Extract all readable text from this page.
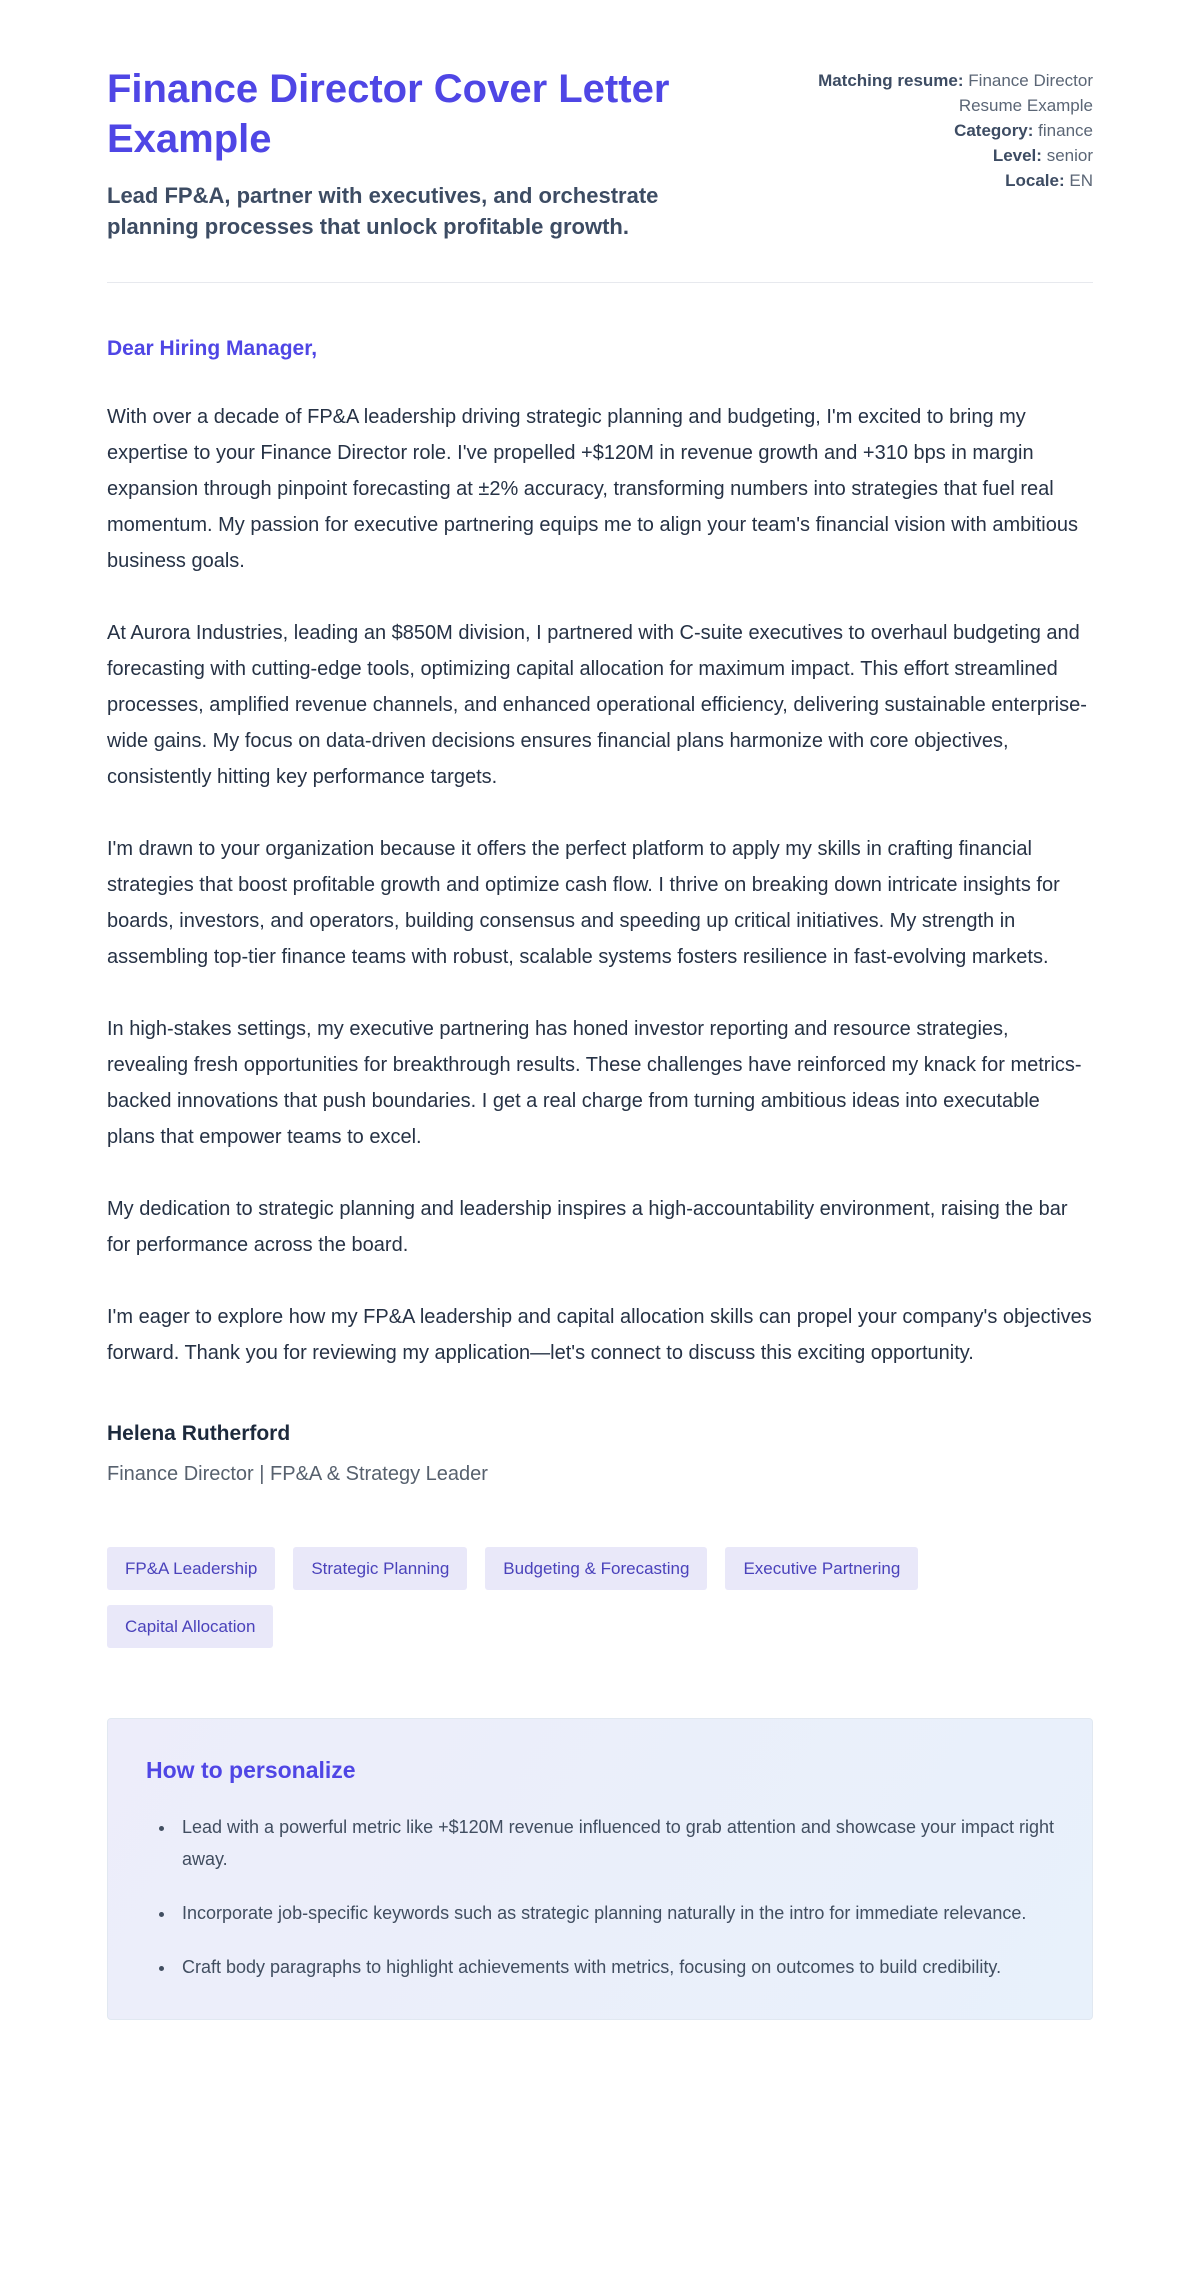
Finance Director Cover Letter Example
Lead FP&A, partner with executives, and orchestrate planning processes that unlock profitable growth.
Matching resume: Finance Director Resume Example
Category: finance
Level: senior
Locale: EN
Dear Hiring Manager,

With over a decade of FP&A leadership driving strategic planning and budgeting, I'm excited to bring my expertise to your Finance Director role. I've propelled +$120M in revenue growth and +310 bps in margin expansion through pinpoint forecasting at ±2% accuracy, transforming numbers into strategies that fuel real momentum. My passion for executive partnering equips me to align your team's financial vision with ambitious business goals.

At Aurora Industries, leading an $850M division, I partnered with C-suite executives to overhaul budgeting and forecasting with cutting-edge tools, optimizing capital allocation for maximum impact. This effort streamlined processes, amplified revenue channels, and enhanced operational efficiency, delivering sustainable enterprise-wide gains. My focus on data-driven decisions ensures financial plans harmonize with core objectives, consistently hitting key performance targets.

I'm drawn to your organization because it offers the perfect platform to apply my skills in crafting financial strategies that boost profitable growth and optimize cash flow. I thrive on breaking down intricate insights for boards, investors, and operators, building consensus and speeding up critical initiatives. My strength in assembling top-tier finance teams with robust, scalable systems fosters resilience in fast-evolving markets.

In high-stakes settings, my executive partnering has honed investor reporting and resource strategies, revealing fresh opportunities for breakthrough results. These challenges have reinforced my knack for metrics-backed innovations that push boundaries. I get a real charge from turning ambitious ideas into executable plans that empower teams to excel.

My dedication to strategic planning and leadership inspires a high-accountability environment, raising the bar for performance across the board.

I'm eager to explore how my FP&A leadership and capital allocation skills can propel your company's objectives forward. Thank you for reviewing my application—let's connect to discuss this exciting opportunity.

Helena Rutherford
Finance Director | FP&A & Strategy Leader
FP&A Leadership	Strategic Planning	Budgeting & Forecasting	Executive Partnering
Capital Allocation
How to personalize
• Lead with a powerful metric like +$120M revenue influenced to grab attention and showcase your impact right away.
• Incorporate job-specific keywords such as strategic planning naturally in the intro for immediate relevance.
• Craft body paragraphs to highlight achievements with metrics, focusing on outcomes to build credibility.
